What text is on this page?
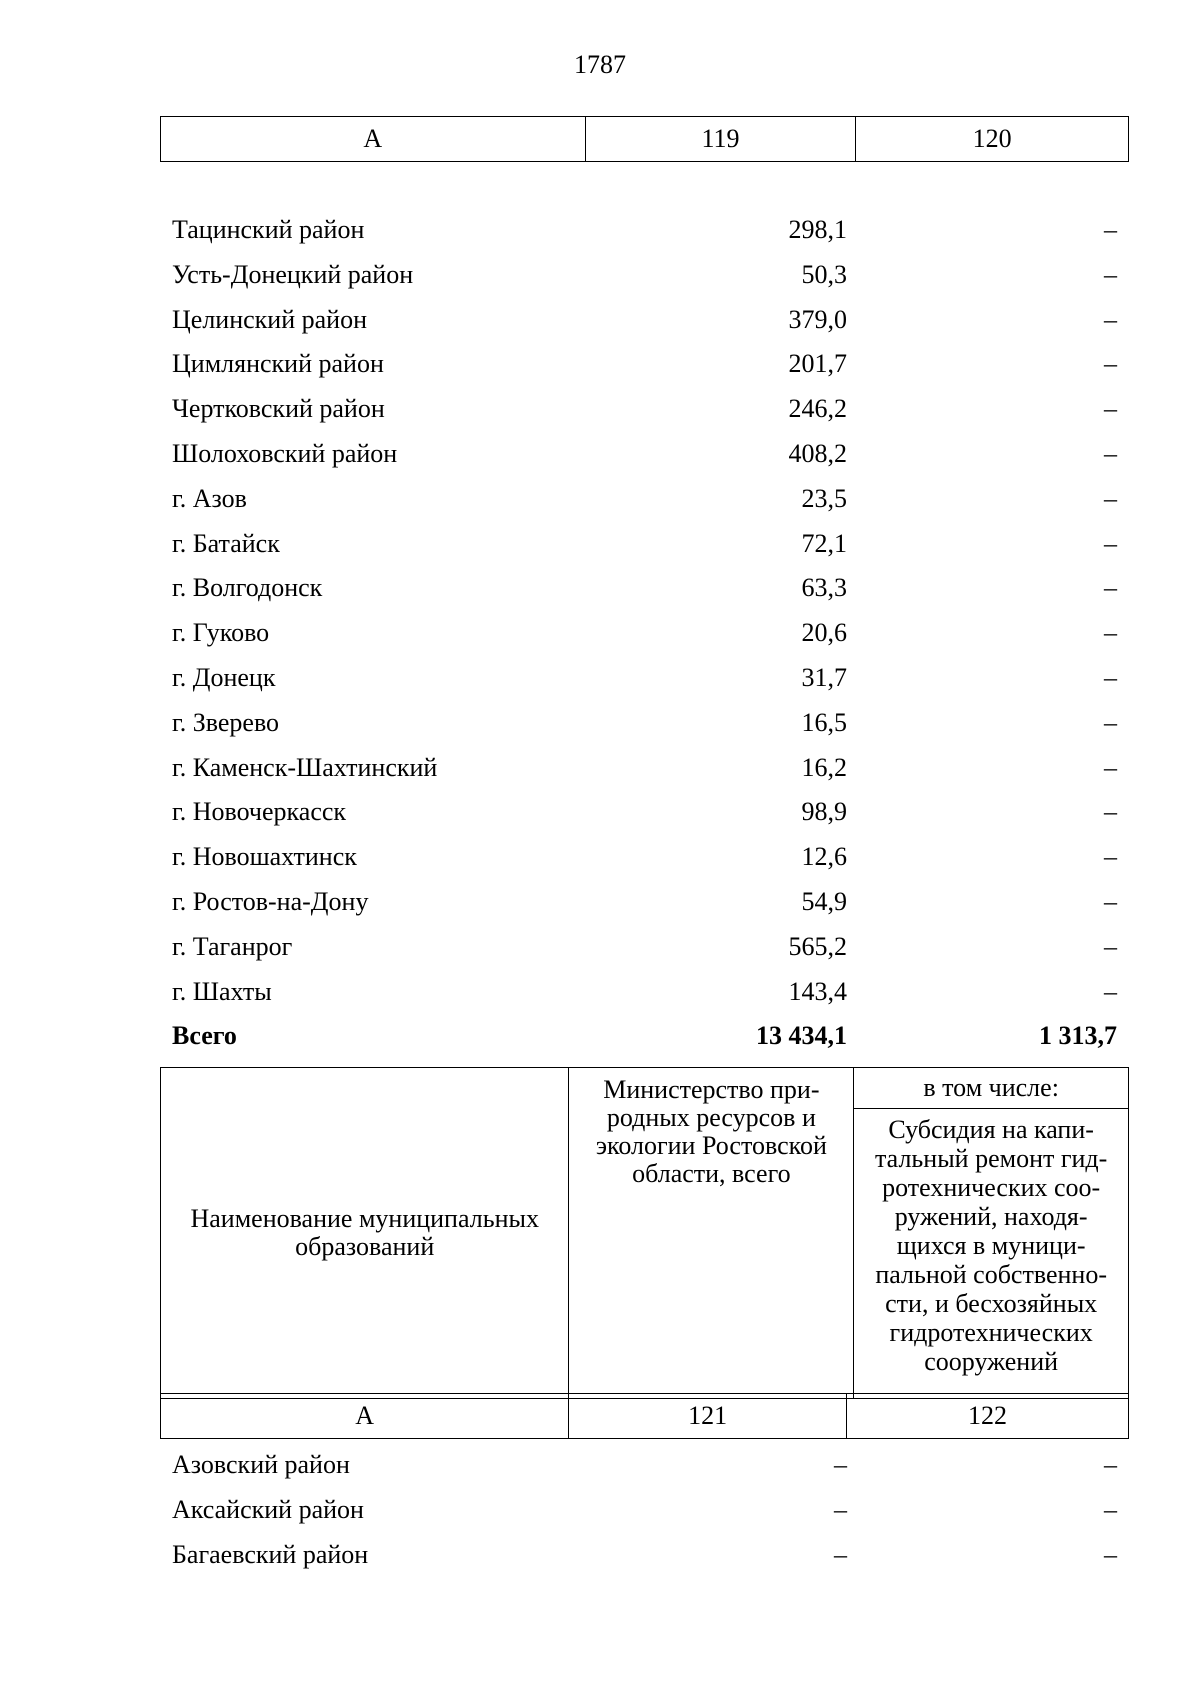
1787
А	119	120
Тацинский район	298,1	–
Усть-Донецкий район	50,3	–
Целинский район	379,0	–
Цимлянский район	201,7	–
Чертковский район	246,2	–
Шолоховский район	408,2	–
г. Азов	23,5	–
г. Батайск	72,1	–
г. Волгодонск	63,3	–
г. Гуково	20,6	–
г. Донецк	31,7	–
г. Зверево	16,5	–
г. Каменск-Шахтинский	16,2	–
г. Новочеркасск	98,9	–
г. Новошахтинск	12,6	–
г. Ростов-на-Дону	54,9	–
г. Таганрог	565,2	–
г. Шахты	143,4	–
Всего	13 434,1	1 313,7
Наименование муниципальных образований	Министерство при-родных ресурсов и экологии Ростовской области, всего	в том числе:
Субсидия на капи-тальный ремонт гид-ротехнических соо-ружений, находя-щихся в муници-пальной собственно-сти, и бесхозяйных гидротехнических сооружений
А	121	122
Азовский район	–	–
Аксайский район	–	–
Багаевский район	–	–
